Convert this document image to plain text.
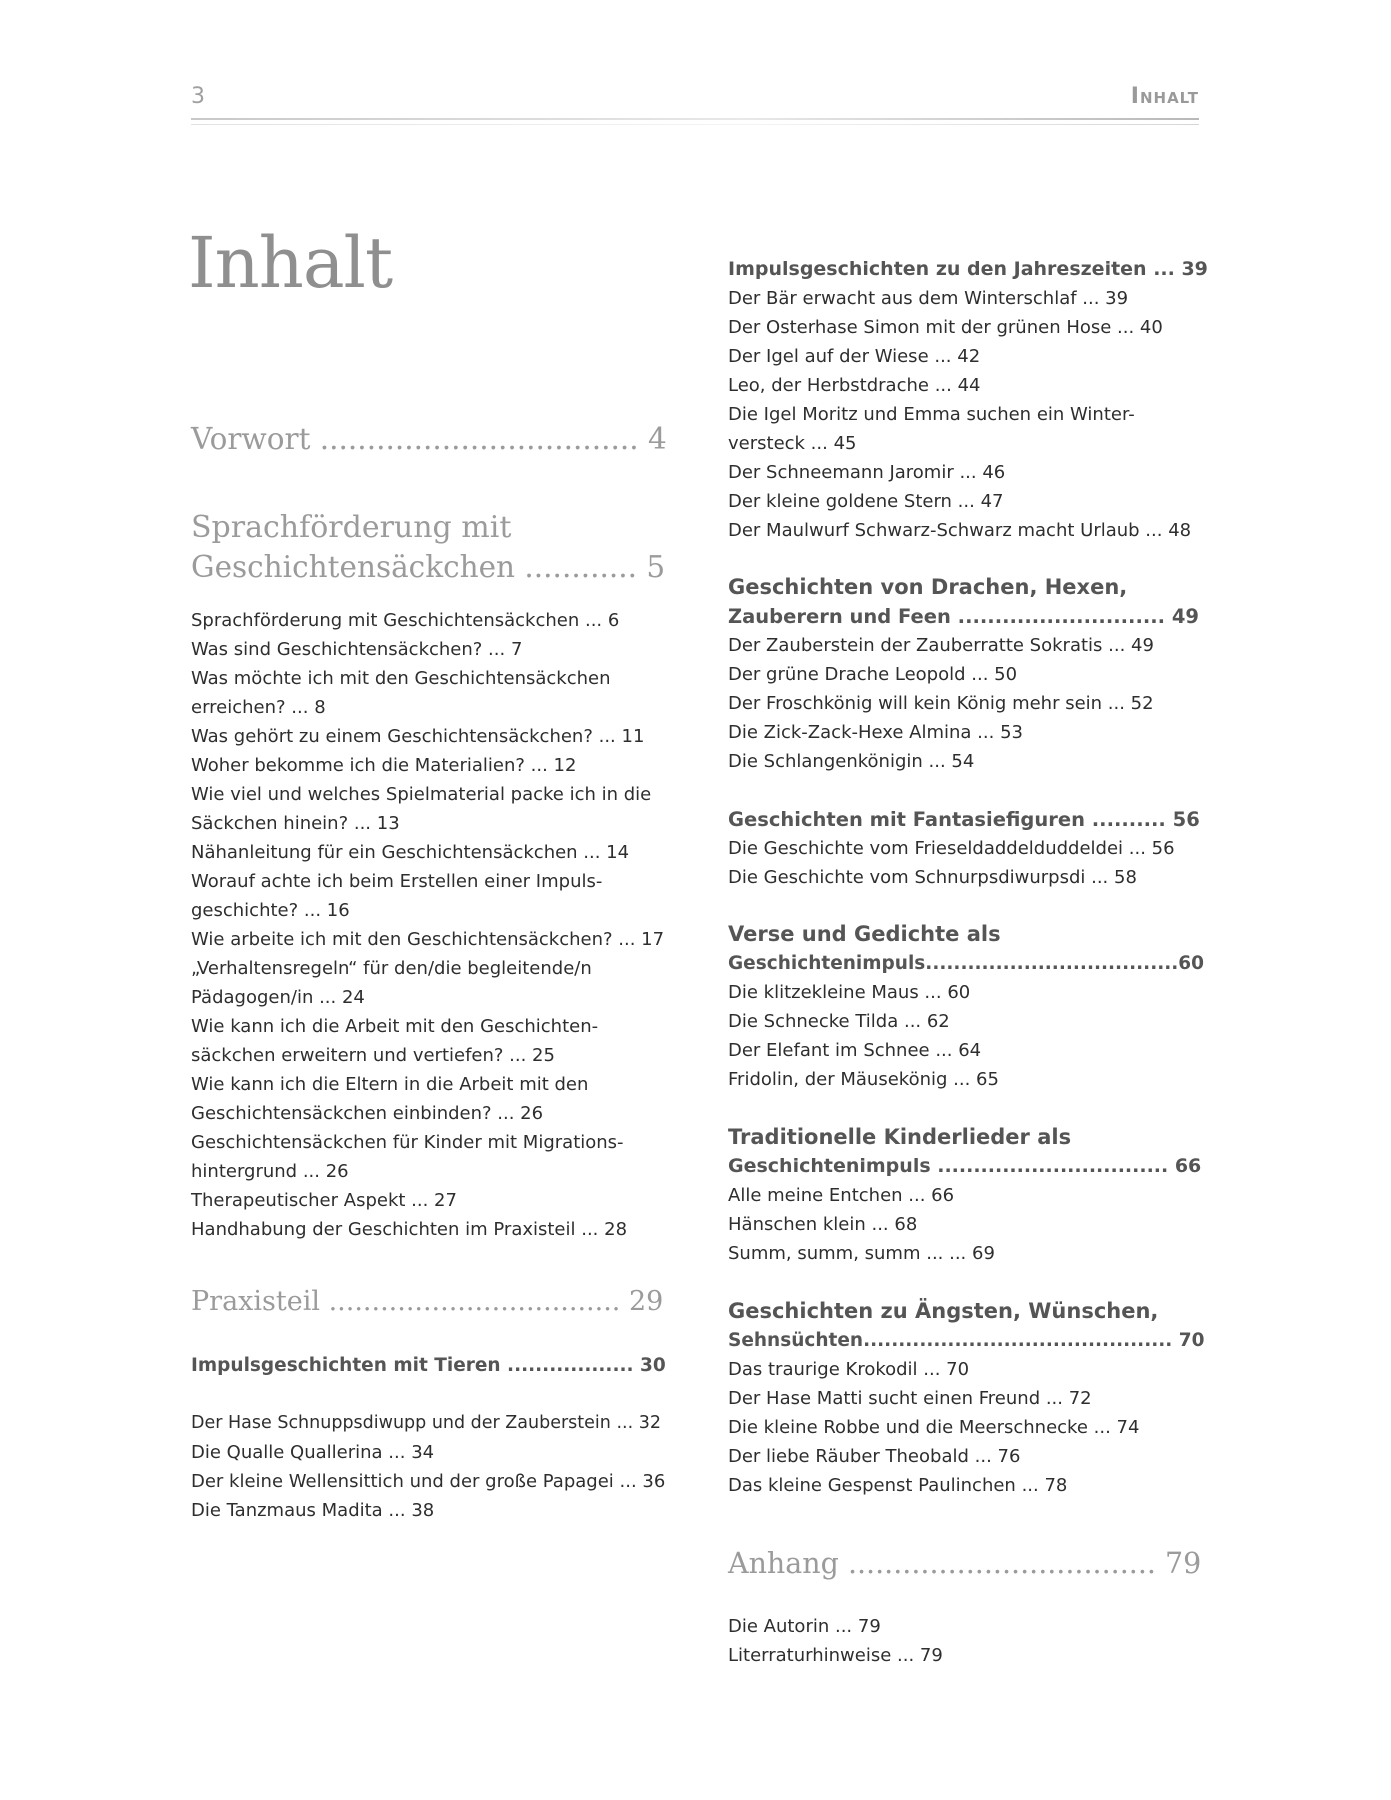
3	Inhalt
Inhalt
Vorwort .................................. 4
Sprachförderung mit
Geschichtensäckchen ............ 5
Sprachförderung mit Geschichtensäckchen ... 6
Was sind Geschichtensäckchen? ... 7
Was möchte ich mit den Geschichtensäckchen
erreichen? ... 8
Was gehört zu einem Geschichtensäckchen? ... 11
Woher bekomme ich die Materialien? ... 12
Wie viel und welches Spielmaterial packe ich in die
Säckchen hinein? ... 13
Nähanleitung für ein Geschichtensäckchen ... 14
Worauf achte ich beim Erstellen einer Impuls-
geschichte? ... 16
Wie arbeite ich mit den Geschichtensäckchen? ... 17
„Verhaltensregeln“ für den/die begleitende/n
Pädagogen/in ... 24
Wie kann ich die Arbeit mit den Geschichten-
säckchen erweitern und vertiefen? ... 25
Wie kann ich die Eltern in die Arbeit mit den
Geschichtensäckchen einbinden? ... 26
Geschichtensäckchen für Kinder mit Migrations-
hintergrund ... 26
Therapeutischer Aspekt ... 27
Handhabung der Geschichten im Praxisteil ... 28
Praxisteil .................................. 29
Impulsgeschichten mit Tieren .................. 30
Der Hase Schnuppsdiwupp und der Zauberstein ... 32
Die Qualle Quallerina ... 34
Der kleine Wellensittich und der große Papagei ... 36
Die Tanzmaus Madita ... 38
Impulsgeschichten zu den Jahreszeiten ... 39
Der Bär erwacht aus dem Winterschlaf ... 39
Der Osterhase Simon mit der grünen Hose ... 40
Der Igel auf der Wiese ... 42
Leo, der Herbstdrache ... 44
Die Igel Moritz und Emma suchen ein Winter-
versteck ... 45
Der Schneemann Jaromir ... 46
Der kleine goldene Stern ... 47
Der Maulwurf Schwarz-Schwarz macht Urlaub ... 48
Geschichten von Drachen, Hexen,
Zauberern und Feen ............................ 49
Der Zauberstein der Zauberratte Sokratis ... 49
Der grüne Drache Leopold ... 50
Der Froschkönig will kein König mehr sein ... 52
Die Zick-Zack-Hexe Almina ... 53
Die Schlangenkönigin ... 54
Geschichten mit Fantasiefiguren .......... 56
Die Geschichte vom Frieseldaddelduddeldei ... 56
Die Geschichte vom Schnurpsdiwurpsdi ... 58
Verse und Gedichte als
Geschichtenimpuls....................................60
Die klitzekleine Maus ... 60
Die Schnecke Tilda ... 62
Der Elefant im Schnee ... 64
Fridolin, der Mäusekönig ... 65
Traditionelle Kinderlieder als
Geschichtenimpuls ................................ 66
Alle meine Entchen ... 66
Hänschen klein ... 68
Summ, summ, summ ... ... 69
Geschichten zu Ängsten, Wünschen,
Sehnsüchten............................................ 70
Das traurige Krokodil ... 70
Der Hase Matti sucht einen Freund ... 72
Die kleine Robbe und die Meerschnecke ... 74
Der liebe Räuber Theobald ... 76
Das kleine Gespenst Paulinchen ... 78
Anhang .................................. 79
Die Autorin ... 79
Literraturhinweise ... 79
